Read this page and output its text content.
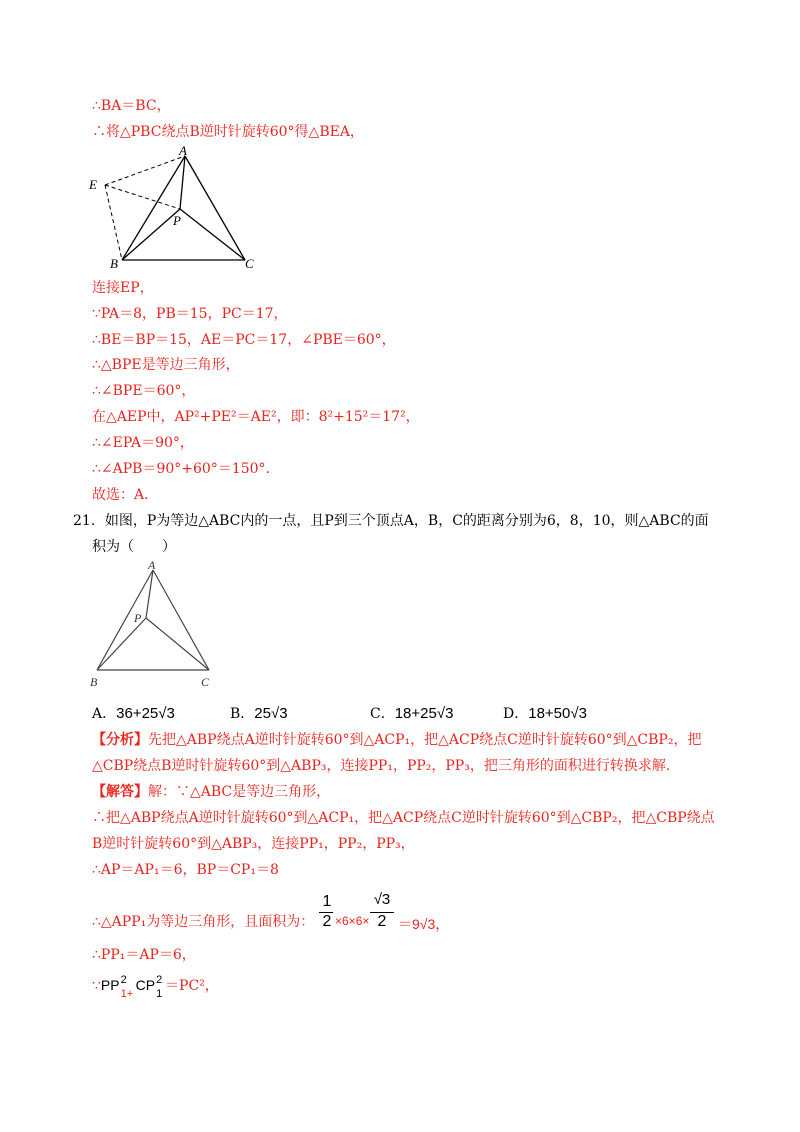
∴BA＝BC，
∴将△PBC绕点B逆时针旋转60°得△BEA，
A
E
P
B	C
连接EP，
∵PA＝8，PB＝15，PC＝17，
∴BE＝BP＝15，AE＝PC＝17，∠PBE＝60°，
∴△BPE是等边三角形，
∴∠BPE＝60°，
在△AEP中，AP²+PE²＝AE²，即：8²+15²＝17²，
∴∠EPA＝90°，
∴∠APB＝90°+60°＝150°.
故选：A．
21．如图，P为等边△ABC内的一点，且P到三个顶点A，B，C的距离分别为6，8，10，则△ABC的面
积为（　　）
A
P
B	C
A．36+25√3	B．25√3	C．18+25√3	D．18+50√3
【分析】先把△ABP绕点A逆时针旋转60°到△ACP₁，把△ACP绕点C逆时针旋转60°到△CBP₂，把
△CBP绕点B逆时针旋转60°到△ABP₃，连接PP₁，PP₂，PP₃，把三角形的面积进行转换求解.
【解答】解：∵△ABC是等边三角形，
∴把△ABP绕点A逆时针旋转60°到△ACP₁，把△ACP绕点C逆时针旋转60°到△CBP₂，把△CBP绕点
B逆时针旋转60°到△ABP₃，连接PP₁，PP₂，PP₃，
∴AP＝AP₁＝6，BP＝CP₁＝8
∴△APP₁为等边三角形，且面积为：
1
2 ×6×6×
√3
2 ＝9√3，
∴PP₁＝AP＝6，
∵PP 2
1+
CP 2
1 ＝PC²，
